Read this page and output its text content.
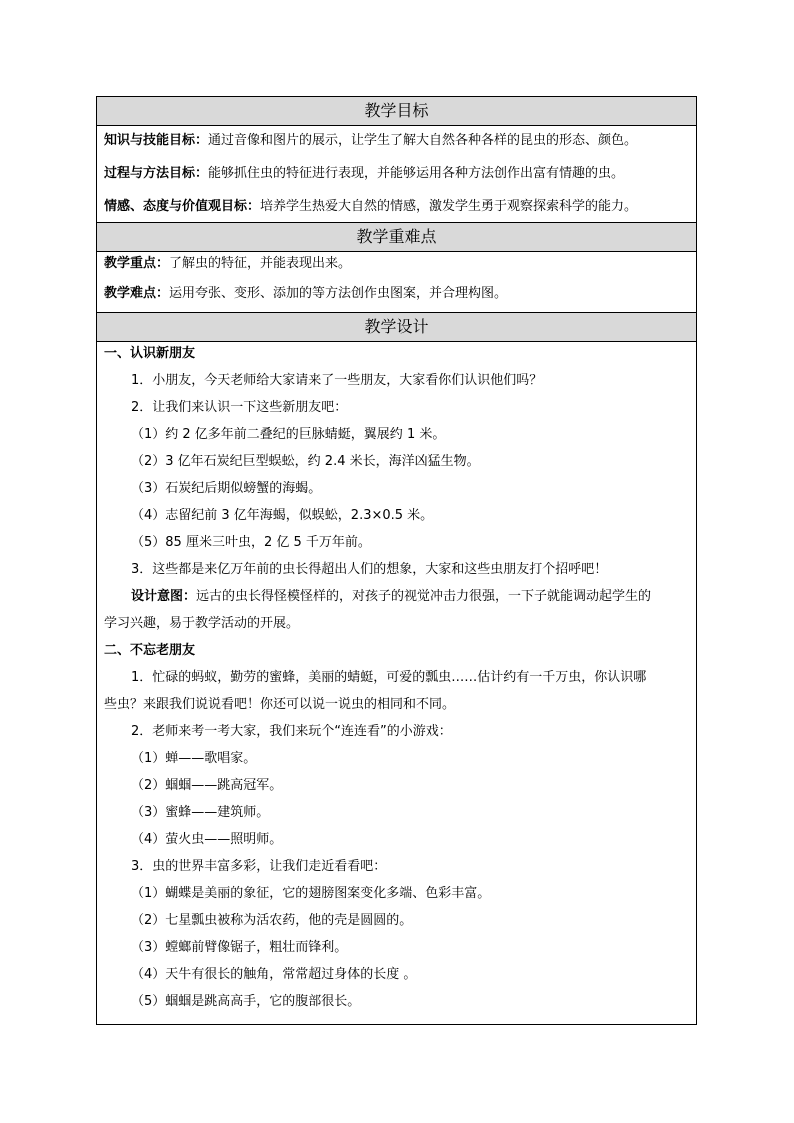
教学目标
知识与技能目标：通过音像和图片的展示，让学生了解大自然各种各样的昆虫的形态、颜色。
过程与方法目标：能够抓住虫的特征进行表现，并能够运用各种方法创作出富有情趣的虫。
情感、态度与价值观目标：培养学生热爱大自然的情感，激发学生勇于观察探索科学的能力。
教学重难点
教学重点：了解虫的特征，并能表现出来。
教学难点：运用夸张、变形、添加的等方法创作虫图案，并合理构图。
教学设计
一、认识新朋友
1．小朋友，今天老师给大家请来了一些朋友，大家看你们认识他们吗？
2．让我们来认识一下这些新朋友吧：
（1）约 2 亿多年前二叠纪的巨脉蜻蜓，翼展约 1 米。
（2）3 亿年石炭纪巨型蜈蚣，约 2.4 米长，海洋凶猛生物。
（3）石炭纪后期似螃蟹的海蝎。
（4）志留纪前 3 亿年海蝎，似蜈蚣，2.3×0.5 米。
（5）85 厘米三叶虫，2 亿 5 千万年前。
3．这些都是来亿万年前的虫长得超出人们的想象，大家和这些虫朋友打个招呼吧！
设计意图：远古的虫长得怪模怪样的，对孩子的视觉冲击力很强，一下子就能调动起学生的
学习兴趣，易于教学活动的开展。
二、不忘老朋友
1．忙碌的蚂蚁，勤劳的蜜蜂，美丽的蜻蜓，可爱的瓢虫……估计约有一千万虫，你认识哪
些虫？来跟我们说说看吧！你还可以说一说虫的相同和不同。
2．老师来考一考大家，我们来玩个“连连看”的小游戏：
（1）蝉——歌唱家。
（2）蝈蝈——跳高冠军。
（3）蜜蜂——建筑师。
（4）萤火虫——照明师。
3．虫的世界丰富多彩，让我们走近看看吧：
（1）蝴蝶是美丽的象征，它的翅膀图案变化多端、色彩丰富。
（2）七星瓢虫被称为活农药，他的壳是圆圆的。
（3）螳螂前臂像锯子，粗壮而锋利。
（4）天牛有很长的触角，常常超过身体的长度 。
（5）蝈蝈是跳高高手，它的腹部很长。
